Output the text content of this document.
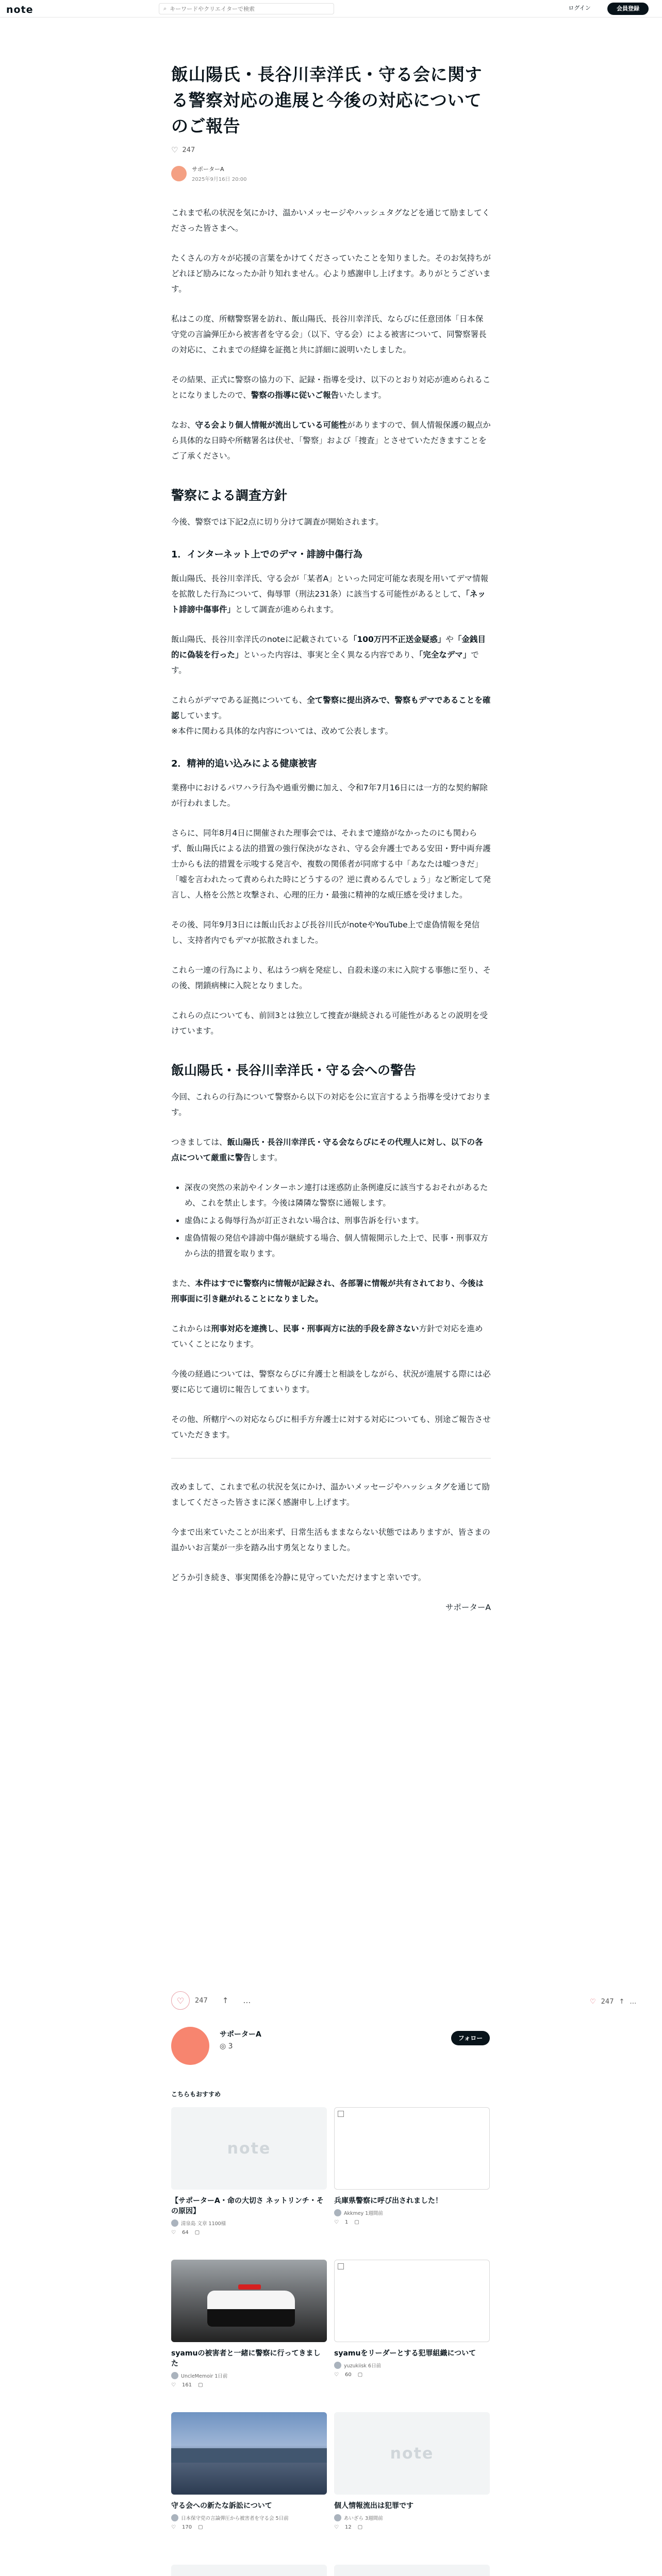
note	⌕
キーワードやクリエイターで検索	ログイン	会員登録
飯山陽氏・長谷川幸洋氏・守る会に関する警察対応の進展と今後の対応についてのご報告
♡ 247
サポーターA
2025年9月16日 20:00

これまで私の状況を気にかけ、温かいメッセージやハッシュタグなどを通じて励ましてくださった皆さまへ。

たくさんの方々が応援の言葉をかけてくださっていたことを知りました。そのお気持ちがどれほど励みになったか計り知れません。心より感謝申し上げます。ありがとうございます。

私はこの度、所轄警察署を訪れ、飯山陽氏、長谷川幸洋氏、ならびに任意団体「日本保守党の言論弾圧から被害者を守る会」（以下、守る会）による被害について、同警察署長の対応に、これまでの経緯を証拠と共に詳細に説明いたしました。

その結果、正式に警察の協力の下、記録・指導を受け、以下のとおり対応が進められることになりましたので、警察の指導に従いご報告いたします。

なお、守る会より個人情報が流出している可能性がありますので、個人情報保護の観点から具体的な日時や所轄署名は伏せ、「警察」および「捜査」とさせていただきますことをご了承ください。

警察による調査方針

今後、警察では下記2点に切り分けて調査が開始されます。

1．インターネット上でのデマ・誹謗中傷行為

飯山陽氏、長谷川幸洋氏、守る会が「某者A」といった同定可能な表現を用いてデマ情報を拡散した行為について、侮辱罪（刑法231条）に該当する可能性があるとして、「ネット誹謗中傷事件」として調査が進められます。

飯山陽氏、長谷川幸洋氏のnoteに記載されている「100万円不正送金疑惑」や「金銭目的に偽装を行った」といった内容は、事実と全く異なる内容であり、「完全なデマ」です。

これらがデマである証拠についても、全て警察に提出済みで、警察もデマであることを確認しています。

※本件に関わる具体的な内容については、改めて公表します。

2．精神的追い込みによる健康被害

業務中におけるパワハラ行為や過重労働に加え、令和7年7月16日には一方的な契約解除が行われました。

さらに、同年8月4日に開催された理事会では、それまで連絡がなかったのにも関わらず、飯山陽氏による法的措置の強行保決がなされ、守る会弁護士である安田・野中両弁護士からも法的措置を示唆する発言や、複数の関係者が同席する中「あなたは嘘つきだ」「嘘を言われたって責められた時にどうするの？逆に責めるんでしょう」など断定して発言し、人格を公然と攻撃され、心理的圧力・最強に精神的な威圧感を受けました。

その後、同年9月3日には飯山氏および長谷川氏がnoteやYouTube上で虚偽情報を発信し、支持者内でもデマが拡散されました。

これら一連の行為により、私はうつ病を発症し、自殺未遂の末に入院する事態に至り、その後、閉鎖病棟に入院となりました。

これらの点についても、前回3とは独立して捜査が継続される可能性があるとの説明を受けています。

飯山陽氏・長谷川幸洋氏・守る会への警告

今回、これらの行為について警察から以下の対応を公に宣言するよう指導を受けております。

つきましては、飯山陽氏・長谷川幸洋氏・守る会ならびにその代理人に対し、以下の各点について厳重に警告します。

• 深夜の突然の来訪やインターホン連打は迷惑防止条例違反に該当するおそれがあるため、これを禁止します。今後は隣隣な警察に通報します。
• 虚偽による侮辱行為が訂正されない場合は、刑事告訴を行います。
• 虚偽情報の発信や誹謗中傷が継続する場合、個人情報開示した上で、民事・刑事双方から法的措置を取ります。

また、本件はすでに警察内に情報が記録され、各部署に情報が共有されており、今後は刑事面に引き継がれることになりました。

これからは刑事対応を連携し、民事・刑事両方に法的手段を辞さない方針で対応を進めていくことになります。

今後の経過については、警察ならびに弁護士と相談をしながら、状況が進展する際には必要に応じて適切に報告してまいります。

その他、所轄庁への対応ならびに相手方弁護士に対する対応についても、別途ご報告させていただきます。

改めまして、これまで私の状況を気にかけ、温かいメッセージやハッシュタグを通じて励ましてくださった皆さまに深く感謝申し上げます。

今まで出来ていたことが出来ず、日常生活もままならない状態ではありますが、皆さまの温かいお言葉が一歩を踏み出す勇気となりました。

どうか引き続き、事実関係を冷静に見守っていただけますと幸いです。

サポーターA

♡ 247 ↑ …	♡ 247 ↑ …
サポーターA
◎ 3
フォロー
こちらもおすすめ
note
【サポーターA・命の大切さ ネットリンチ・その原因】
清泉島 文章 1100様
♡ 64 ▢
兵庫県警察に呼び出されました！
Akkmey 1週間前
♡ 1 ▢
syamuの被害者と一緒に警察に行ってきました
UncleMemoir 1日前
♡ 161 ▢
syamuをリーダーとする犯罪組織について
yuzukiisk 6日前
♡ 60 ▢
守る会への新たな訴訟について
日本保守党の言論弾圧から被害者を守る会 5日前
♡ 170 ▢
note
個人情報流出は犯罪です
あいざら 3週間前
♡ 12 ▢
